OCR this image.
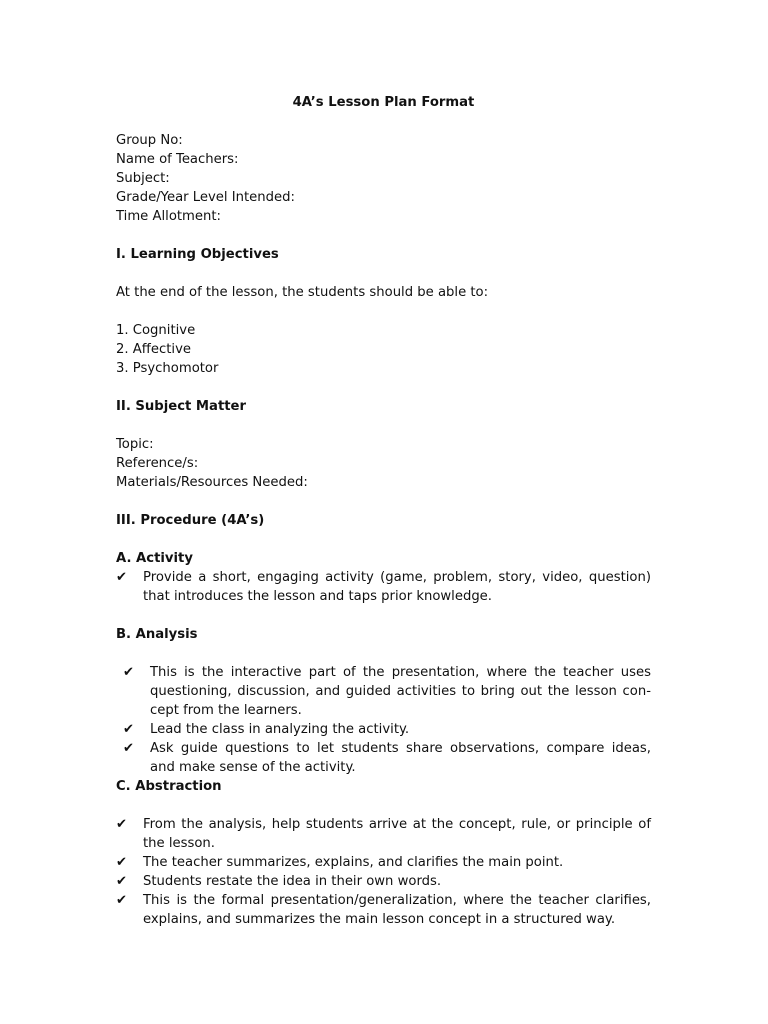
4A’s Lesson Plan Format
Group No:
Name of Teachers:
Subject:
Grade/Year Level Intended:
Time Allotment:
I. Learning Objectives
At the end of the lesson, the students should be able to:
1. Cognitive
2. Affective
3. Psychomotor
II. Subject Matter
Topic:
Reference/s:
Materials/Resources Needed:
III. Procedure (4A’s)
A. Activity
✔ Provide a short, engaging activity (game, problem, story, video, question) that introduces the lesson and taps prior knowledge.
B. Analysis
✔ This is the interactive part of the presentation, where the teacher uses questioning, discussion, and guided activities to bring out the lesson concept from the learners.
✔ Lead the class in analyzing the activity.
✔ Ask guide questions to let students share observations, compare ideas, and make sense of the activity.
C. Abstraction
✔ From the analysis, help students arrive at the concept, rule, or principle of the lesson.
✔ The teacher summarizes, explains, and clarifies the main point.
✔ Students restate the idea in their own words.
✔ This is the formal presentation/generalization, where the teacher clarifies, explains, and summarizes the main lesson concept in a structured way.
